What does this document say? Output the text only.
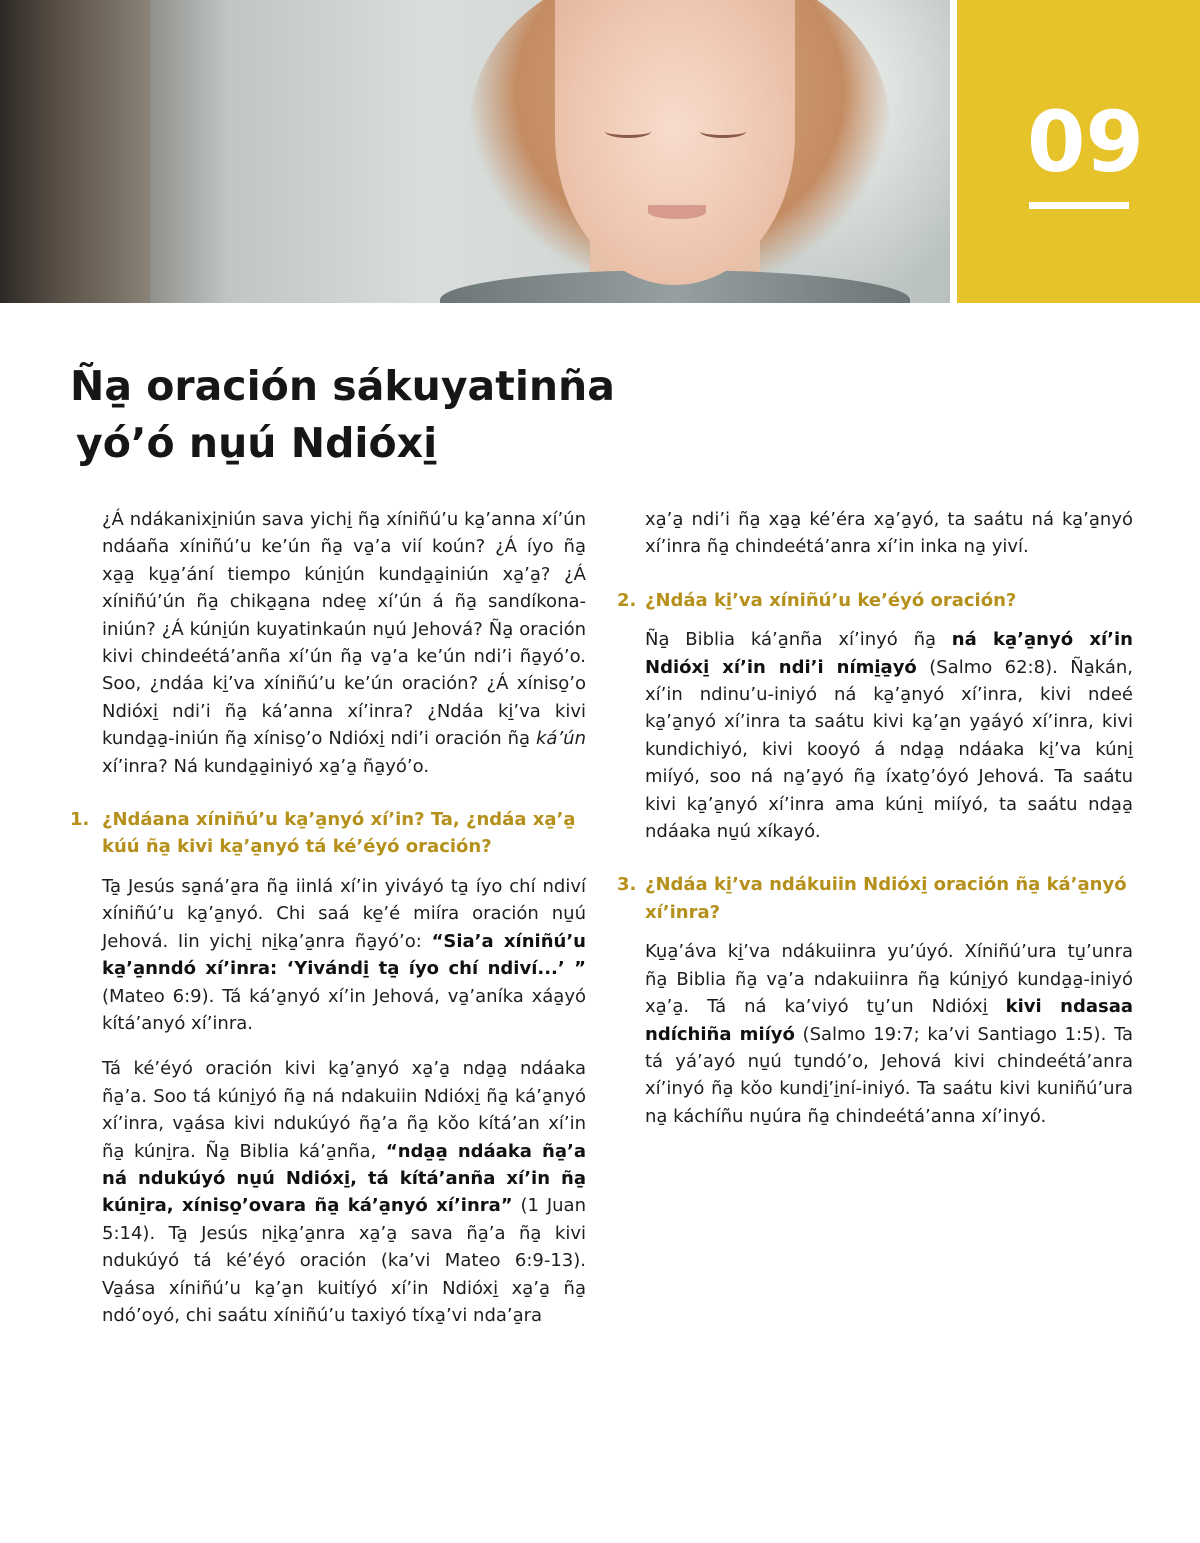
09
Ña̱ oración sákuyatinña
yó’ó nu̱ú Ndióxi̱

¿Á ndákanixi̱niún sava yichi̱ ña̱ xíniñú’u ka̱’anna xí’ún ndáaña xíniñú’u ke’ún ña̱ va̱’a vií koún? ¿Á íyo ña̱ xa̱a̱ ku̱a̱’ání tiempo kúni̱ún kunda̱a̱iniún xa̱’a̱? ¿Á xíniñú’ún ña̱ chika̱a̱na ndee̱ xí’ún á ña̱ sandíkona-iniún? ¿Á kúni̱ún kuyatinkaún nu̱ú Jehová? Ña̱ oración kivi chindeétá’anña xí’ún ña̱ va̱’a ke’ún ndi’i ña̱yó’o. Soo, ¿ndáa ki̱’va xíniñú’u ke’ún oración? ¿Á xíniso̱’o Ndióxi̱ ndi’i ña̱ ká’anna xí’inra? ¿Ndáa ki̱’va kivi kunda̱a̱-iniún ña̱ xíniso̱’o Ndióxi̱ ndi’i oración ña̱ ká’ún xí’inra? Ná kunda̱a̱iniyó xa̱’a̱ ña̱yó’o.

1. ¿Ndáana xíniñú’u ka̱’a̱nyó xí’in? Ta, ¿ndáa xa̱’a̱ kúú ña̱ kivi ka̱’a̱nyó tá ké’éyó oración?

Ta̱ Jesús sa̱ná’a̱ra ña̱ iinlá xí’in yiváyó ta̱ íyo chí ndiví xíniñú’u ka̱’a̱nyó. Chi saá ke̱’é miíra oración nu̱ú Jehová. Iin yichi̱ ni̱ka̱’a̱nra ña̱yó’o: “Sia’a xíniñú’u ka̱’a̱nndó xí’inra: ‘Yivándi̱ ta̱ íyo chí ndiví...’ ” (Mateo 6:9). Tá ká’a̱nyó xí’in Jehová, va̱’aníka xáa̱yó kítá’anyó xí’inra.

Tá ké’éyó oración kivi ka̱’a̱nyó xa̱’a̱ nda̱a̱ ndáaka ña̱’a. Soo tá kúni̱yó ña̱ ná ndakuiin Ndióxi̱ ña̱ ká’a̱nyó xí’inra, va̱ása kivi ndukúyó ña̱’a ña̱ kǒo kítá’an xí’in ña̱ kúni̱ra. Ña̱ Biblia ká’a̱nña, “nda̱a̱ ndáaka ña̱’a ná ndukúyó nu̱ú Ndióxi̱, tá kítá’anña xí’in ña̱ kúni̱ra, xíniso̱’ovara ña̱ ká’a̱nyó xí’inra” (1 Juan 5:14). Ta̱ Jesús ni̱ka̱’a̱nra xa̱’a̱ sava ña̱’a ña̱ kivi ndukúyó tá ké’éyó oración (ka’vi Mateo 6:9-13). Va̱ása xíniñú’u ka̱’a̱n kuitíyó xí’in Ndióxi̱ xa̱’a̱ ña̱ ndó’oyó, chi saátu xíniñú’u taxiyó tíxa̱’vi nda’a̱ra

xa̱’a̱ ndi’i ña̱ xa̱a̱ ké’éra xa̱’a̱yó, ta saátu ná ka̱’a̱nyó xí’inra ña̱ chindeétá’anra xí’in inka na̱ yiví.

2. ¿Ndáa ki̱’va xíniñú’u ke’éyó oración?

Ña̱ Biblia ká’a̱nña xí’inyó ña̱ ná ka̱’a̱nyó xí’in Ndióxi̱ xí’in ndi’i ními̱a̱yó (Salmo 62:8). Ña̱kán, xí’in ndinu’u-iniyó ná ka̱’a̱nyó xí’inra, kivi ndeé ka̱’a̱nyó xí’inra ta saátu kivi ka̱’a̱n ya̱áyó xí’inra, kivi kundichiyó, kivi kooyó á nda̱a̱ ndáaka ki̱’va kúni̱ miíyó, soo ná na̱’a̱yó ña̱ íxato̱’óyó Jehová. Ta saátu kivi ka̱’a̱nyó xí’inra ama kúni̱ miíyó, ta saátu nda̱a̱ ndáaka nu̱ú xíkayó.

3. ¿Ndáa ki̱’va ndákuiin Ndióxi̱ oración ña̱ ká’a̱nyó xí’inra?

Ku̱a̱’áva ki̱’va ndákuiinra yu’úyó. Xíniñú’ura tu̱’unra ña̱ Biblia ña̱ va̱’a ndakuiinra ña̱ kúni̱yó kunda̱a̱-iniyó xa̱’a̱. Tá ná ka’viyó tu̱’un Ndióxi̱ kivi ndasaa ndíchiña miíyó (Salmo 19:7; ka’vi Santiago 1:5). Ta tá yá’ayó nu̱ú tu̱ndó’o, Jehová kivi chindeétá’anra xí’inyó ña̱ kǒo kundi̱’i̱ní-iniyó. Ta saátu kivi kuniñú’ura na̱ káchíñu nu̱úra ña̱ chindeétá’anna xí’inyó.
